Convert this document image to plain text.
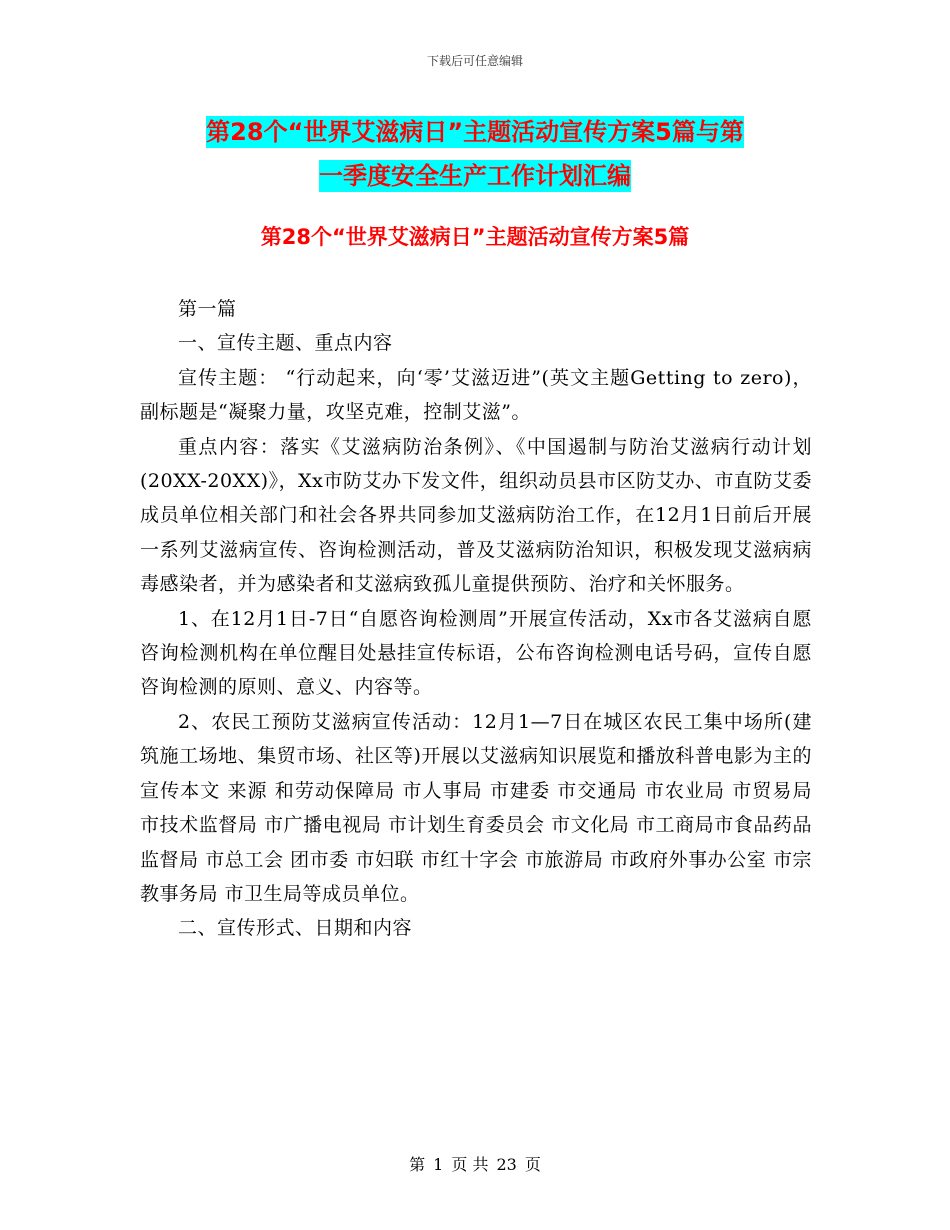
下载后可任意编辑
第28个“世界艾滋病日”主题活动宣传方案5篇与第
一季度安全生产工作计划汇编
第28个“世界艾滋病日”主题活动宣传方案5篇

第一篇

一、宣传主题、重点内容

宣传主题： “行动起来，向‘零’艾滋迈进”(英文主题Getting to zero)，副标题是“凝聚力量，攻坚克难，控制艾滋”。

重点内容：落实《艾滋病防治条例》、《中国遏制与防治艾滋病行动计划(20XX-20XX)》，Xx市防艾办下发文件，组织动员县市区防艾办、市直防艾委成员单位相关部门和社会各界共同参加艾滋病防治工作，在12月1日前后开展一系列艾滋病宣传、咨询检测活动，普及艾滋病防治知识，积极发现艾滋病病毒感染者，并为感染者和艾滋病致孤儿童提供预防、治疗和关怀服务。

1、在12月1日-7日“自愿咨询检测周”开展宣传活动，Xx市各艾滋病自愿咨询检测机构在单位醒目处悬挂宣传标语，公布咨询检测电话号码，宣传自愿咨询检测的原则、意义、内容等。

2、农民工预防艾滋病宣传活动：12月1—7日在城区农民工集中场所(建筑施工场地、集贸市场、社区等)开展以艾滋病知识展览和播放科普电影为主的宣传本文 来源 和劳动保障局 市人事局 市建委 市交通局 市农业局 市贸易局 市技术监督局 市广播电视局 市计划生育委员会 市文化局 市工商局市食品药品监督局 市总工会 团市委 市妇联 市红十字会 市旅游局 市政府外事办公室 市宗教事务局 市卫生局等成员单位。

二、宣传形式、日期和内容

第 1 页 共 23 页
